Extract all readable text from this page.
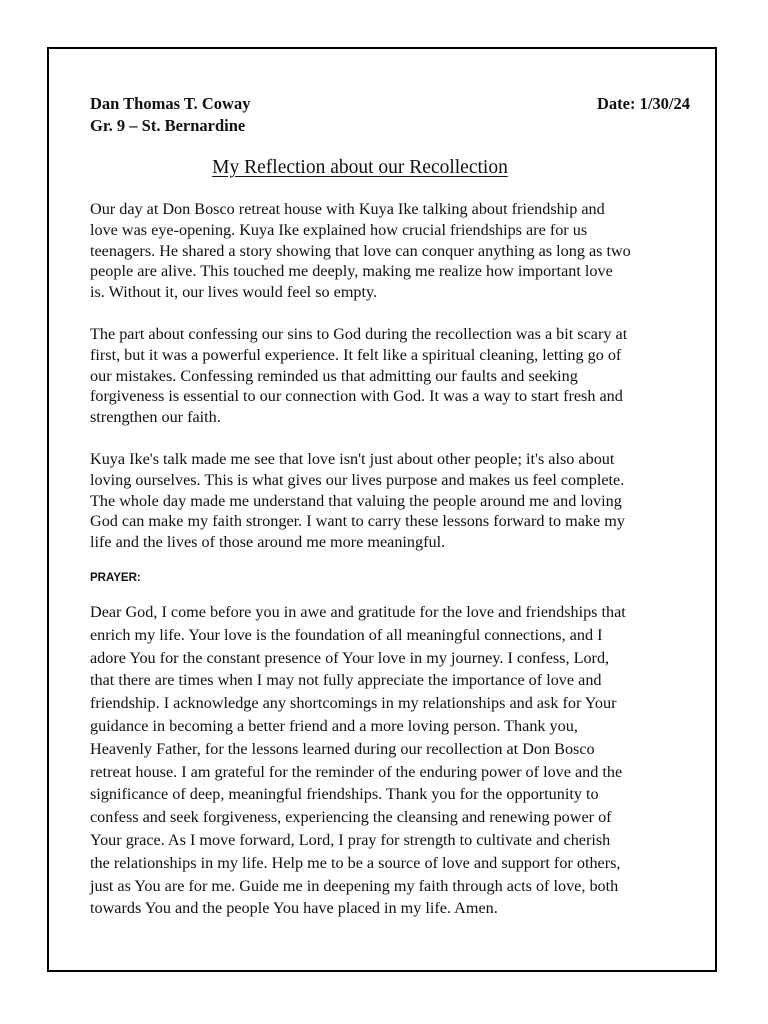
Dan Thomas T. Coway	Date: 1/30/24
Gr. 9 – St. Bernardine
My Reflection about our Recollection
Our day at Don Bosco retreat house with Kuya Ike talking about friendship and
love was eye-opening. Kuya Ike explained how crucial friendships are for us
teenagers. He shared a story showing that love can conquer anything as long as two
people are alive. This touched me deeply, making me realize how important love
is. Without it, our lives would feel so empty.
The part about confessing our sins to God during the recollection was a bit scary at
first, but it was a powerful experience. It felt like a spiritual cleaning, letting go of
our mistakes. Confessing reminded us that admitting our faults and seeking
forgiveness is essential to our connection with God. It was a way to start fresh and
strengthen our faith.
Kuya Ike's talk made me see that love isn't just about other people; it's also about
loving ourselves. This is what gives our lives purpose and makes us feel complete.
The whole day made me understand that valuing the people around me and loving
God can make my faith stronger. I want to carry these lessons forward to make my
life and the lives of those around me more meaningful.
PRAYER:
Dear God, I come before you in awe and gratitude for the love and friendships that
enrich my life. Your love is the foundation of all meaningful connections, and I
adore You for the constant presence of Your love in my journey. I confess, Lord,
that there are times when I may not fully appreciate the importance of love and
friendship. I acknowledge any shortcomings in my relationships and ask for Your
guidance in becoming a better friend and a more loving person. Thank you,
Heavenly Father, for the lessons learned during our recollection at Don Bosco
retreat house. I am grateful for the reminder of the enduring power of love and the
significance of deep, meaningful friendships. Thank you for the opportunity to
confess and seek forgiveness, experiencing the cleansing and renewing power of
Your grace. As I move forward, Lord, I pray for strength to cultivate and cherish
the relationships in my life. Help me to be a source of love and support for others,
just as You are for me. Guide me in deepening my faith through acts of love, both
towards You and the people You have placed in my life. Amen.
